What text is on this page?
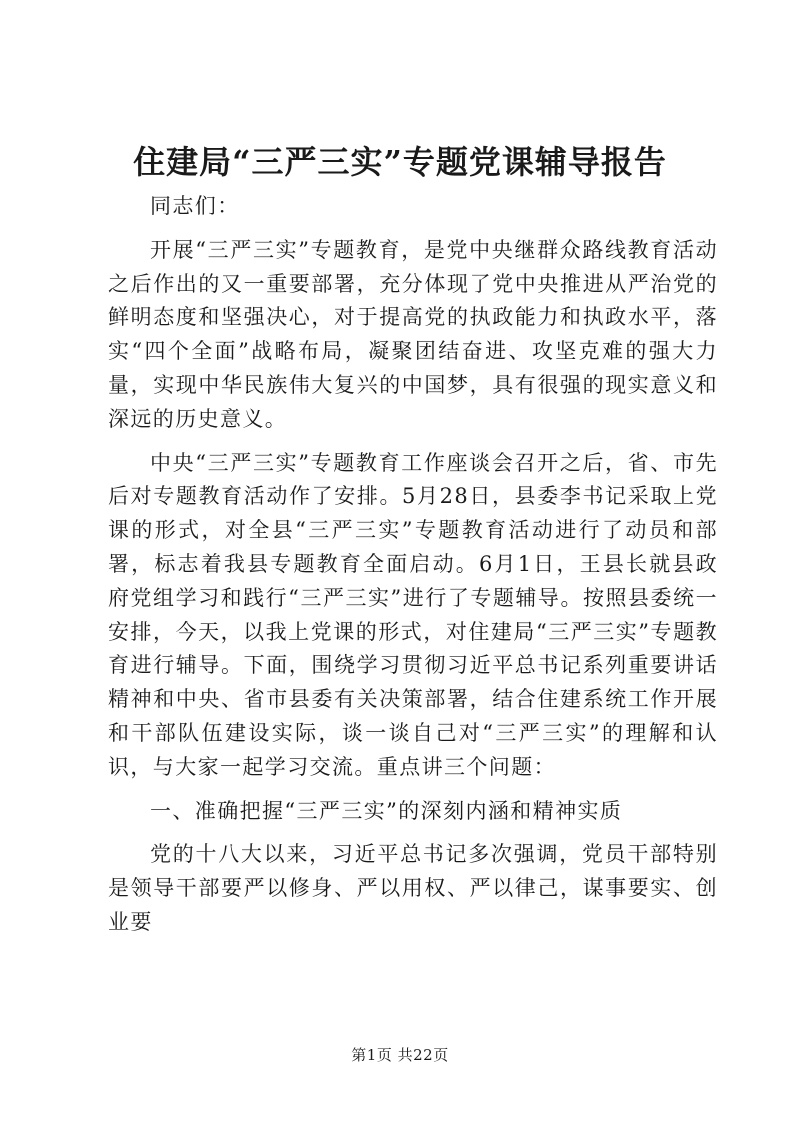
住建局“三严三实”专题党课辅导报告

同志们：

开展“三严三实”专题教育，是党中央继群众路线教育活动之后作出的又一重要部署，充分体现了党中央推进从严治党的鲜明态度和坚强决心，对于提高党的执政能力和执政水平，落实“四个全面”战略布局，凝聚团结奋进、攻坚克难的强大力量，实现中华民族伟大复兴的中国梦，具有很强的现实意义和深远的历史意义。

中央“三严三实”专题教育工作座谈会召开之后，省、市先后对专题教育活动作了安排。5月28日，县委李书记采取上党课的形式，对全县“三严三实”专题教育活动进行了动员和部署，标志着我县专题教育全面启动。6月1日，王县长就县政府党组学习和践行“三严三实”进行了专题辅导。按照县委统一安排，今天，以我上党课的形式，对住建局“三严三实”专题教育进行辅导。下面，围绕学习贯彻习近平总书记系列重要讲话精神和中央、省市县委有关决策部署，结合住建系统工作开展和干部队伍建设实际，谈一谈自己对“三严三实”的理解和认识，与大家一起学习交流。重点讲三个问题：

一、准确把握“三严三实”的深刻内涵和精神实质

党的十八大以来，习近平总书记多次强调，党员干部特别是领导干部要严以修身、严以用权、严以律己，谋事要实、创业要

第1页 共22页
